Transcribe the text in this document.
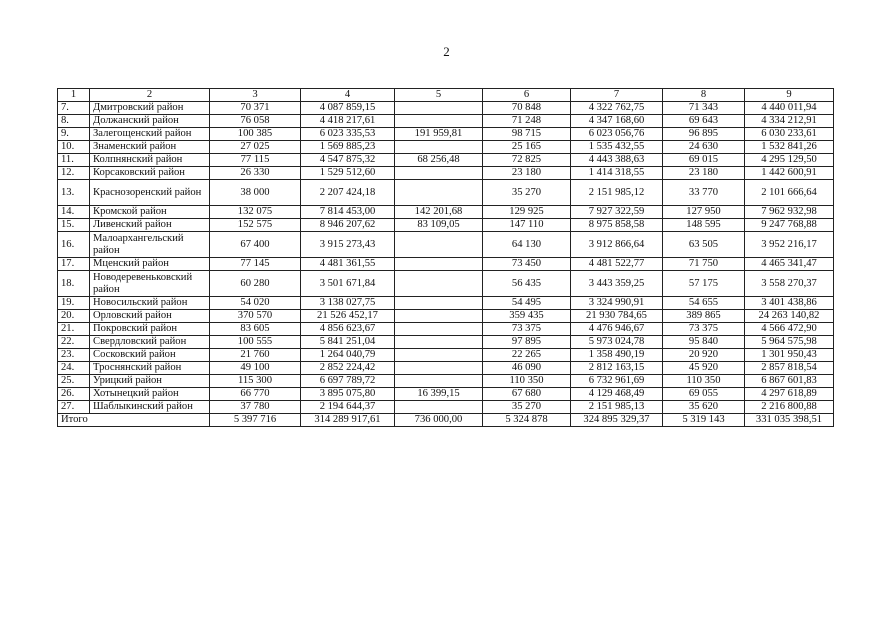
2
1	2	3	4	5	6	7	8	9
7.	Дмитровский район	70 371	4 087 859,15		70 848	4 322 762,75	71 343	4 440 011,94
8.	Должанский район	76 058	4 418 217,61		71 248	4 347 168,60	69 643	4 334 212,91
9.	Залегощенский район	100 385	6 023 335,53	191 959,81	98 715	6 023 056,76	96 895	6 030 233,61
10.	Знаменский район	27 025	1 569 885,23		25 165	1 535 432,55	24 630	1 532 841,26
11.	Колпнянский район	77 115	4 547 875,32	68 256,48	72 825	4 443 388,63	69 015	4 295 129,50
12.	Корсаковский район	26 330	1 529 512,60		23 180	1 414 318,55	23 180	1 442 600,91
13.	Краснозоренский район	38 000	2 207 424,18		35 270	2 151 985,12	33 770	2 101 666,64
14.	Кромской район	132 075	7 814 453,00	142 201,68	129 925	7 927 322,59	127 950	7 962 932,98
15.	Ливенский район	152 575	8 946 207,62	83 109,05	147 110	8 975 858,58	148 595	9 247 768,88
16.	Малоархангельский район	67 400	3 915 273,43		64 130	3 912 866,64	63 505	3 952 216,17
17.	Мценский район	77 145	4 481 361,55		73 450	4 481 522,77	71 750	4 465 341,47
18.	Новодеревеньковский район	60 280	3 501 671,84		56 435	3 443 359,25	57 175	3 558 270,37
19.	Новосильский район	54 020	3 138 027,75		54 495	3 324 990,91	54 655	3 401 438,86
20.	Орловский район	370 570	21 526 452,17		359 435	21 930 784,65	389 865	24 263 140,82
21.	Покровский район	83 605	4 856 623,67		73 375	4 476 946,67	73 375	4 566 472,90
22.	Свердловский район	100 555	5 841 251,04		97 895	5 973 024,78	95 840	5 964 575,98
23.	Сосковский район	21 760	1 264 040,79		22 265	1 358 490,19	20 920	1 301 950,43
24.	Троснянский район	49 100	2 852 224,42		46 090	2 812 163,15	45 920	2 857 818,54
25.	Урицкий район	115 300	6 697 789,72		110 350	6 732 961,69	110 350	6 867 601,83
26.	Хотынецкий район	66 770	3 895 075,80	16 399,15	67 680	4 129 468,49	69 055	4 297 618,89
27.	Шаблыкинский район	37 780	2 194 644,37		35 270	2 151 985,13	35 620	2 216 800,88
Итого		5 397 716	314 289 917,61	736 000,00	5 324 878	324 895 329,37	5 319 143	331 035 398,51
